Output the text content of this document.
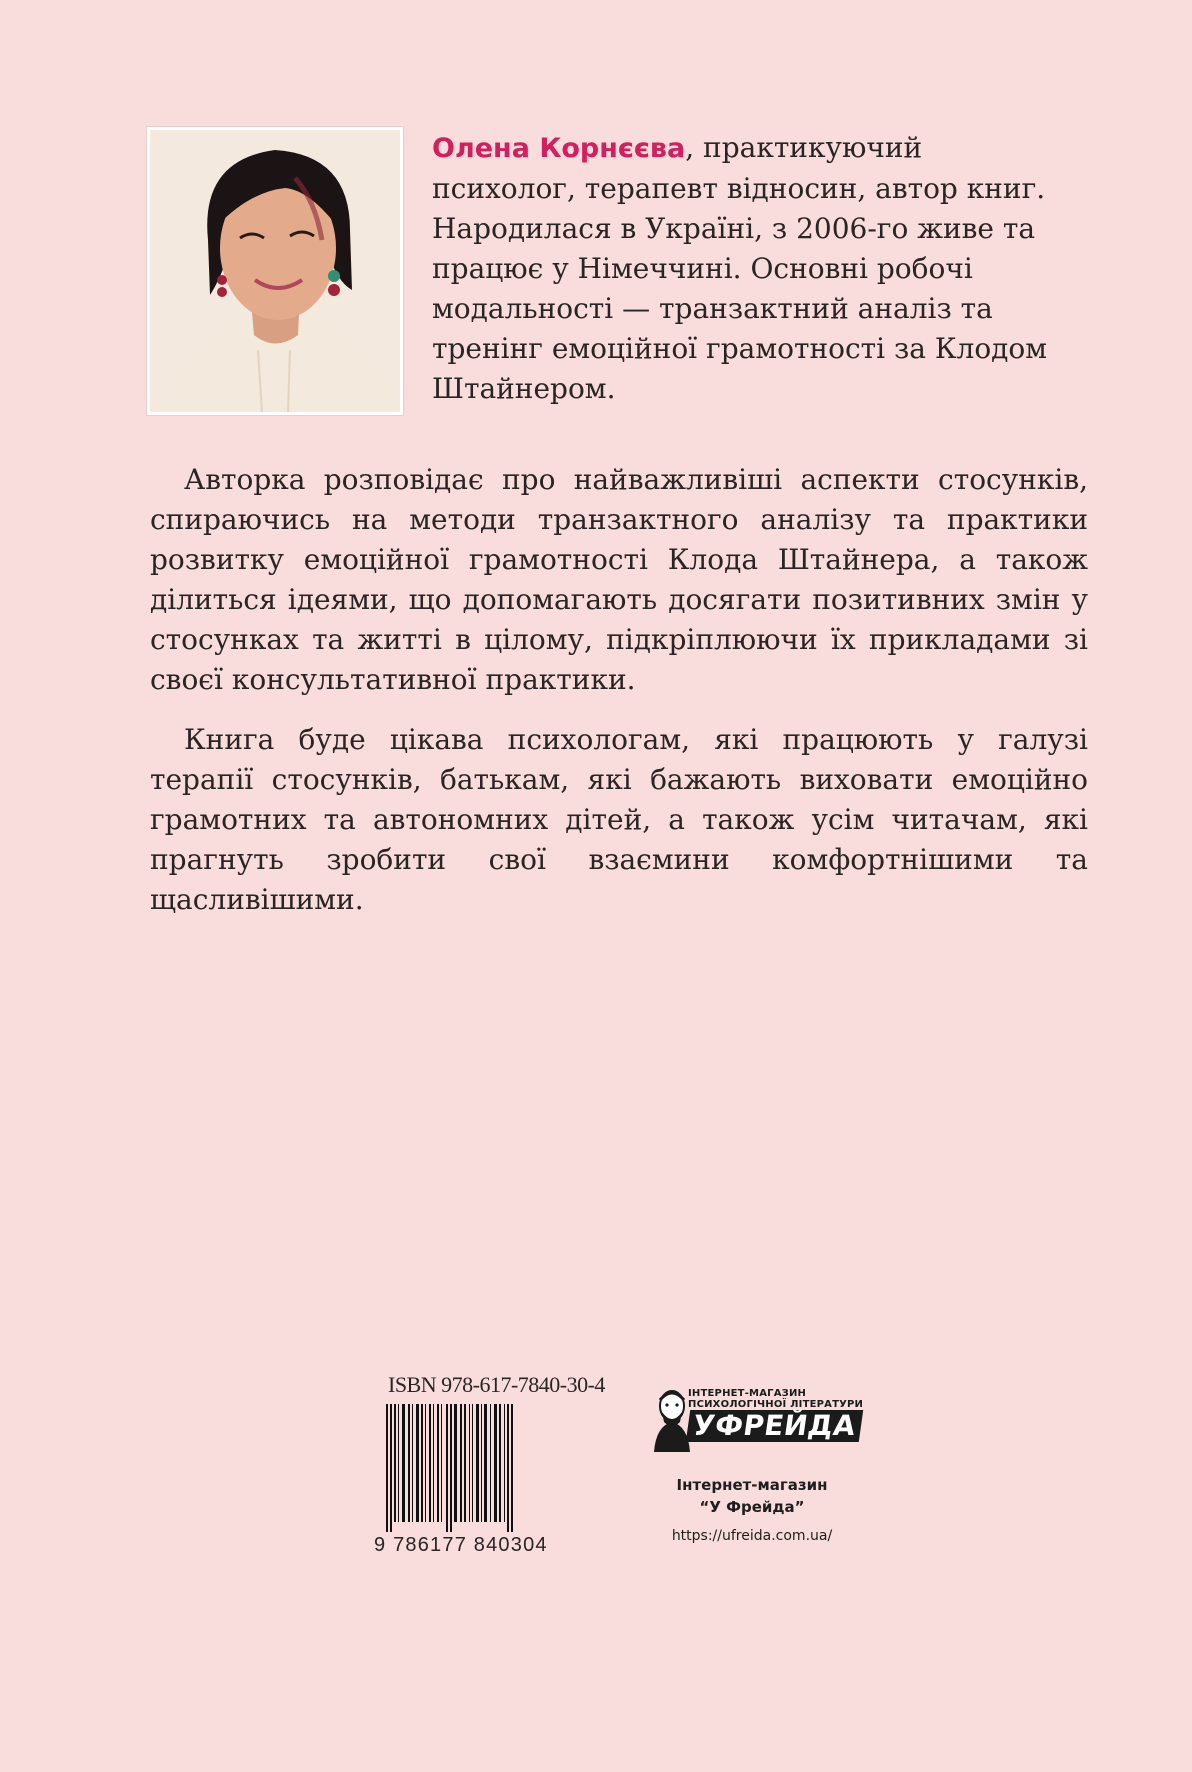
Олена Корнєєва, практикуючий психолог, терапевт відносин, автор книг. Народилася в Україні, з 2006-го живе та працює у Німеччині. Основні робочі модальності — транзактний аналіз та тренінг емоційної грамотності за Клодом Штайнером.

Авторка розповідає про найважливіші аспекти стосунків, спираючись на методи транзактного аналізу та практики розвитку емоційної грамотності Клода Штайнера, а також ділиться ідеями, що допомагають досягати позитивних змін у стосунках та житті в цілому, підкріплюючи їх прикладами зі своєї консультативної практики.

Книга буде цікава психологам, які працюють у галузі терапії стосунків, батькам, які бажають виховати емоційно грамотних та автономних дітей, а також усім читачам, які прагнуть зробити свої взаємини комфортнішими та щасливішими.

ISBN 978-617-7840-30-4
9 786177 840304
ІНТЕРНЕТ-МАГАЗИН
ПСИХОЛОГІЧНОЇ ЛІТЕРАТУРИ
УФРЕЙДА
Інтернет-магазин
“У Фрейда”
https://ufreida.com.ua/
